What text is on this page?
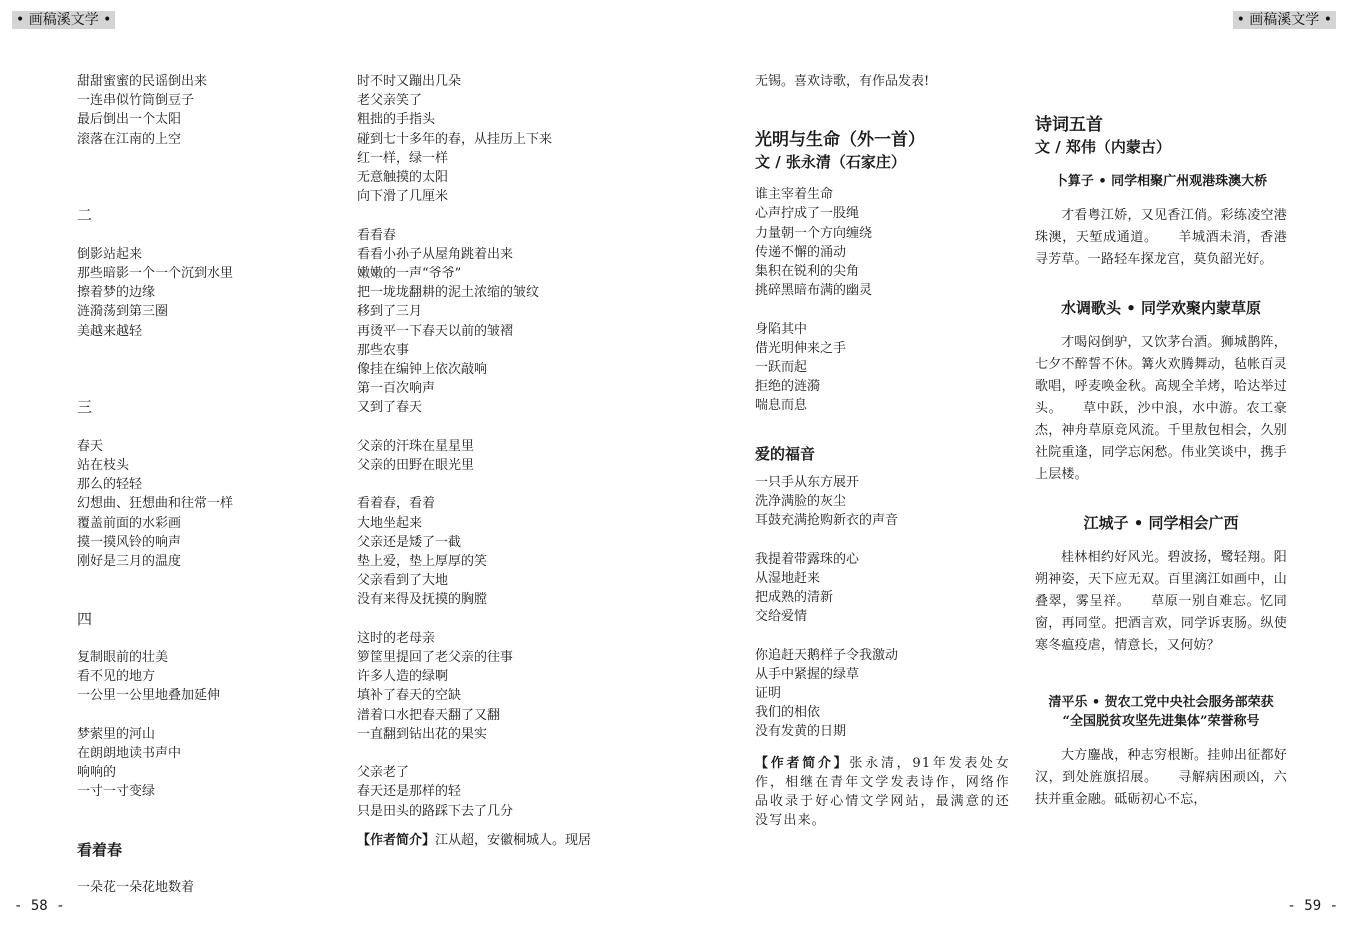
• 画稿溪文学 •	• 画稿溪文学 •
甜甜蜜蜜的民谣倒出来
一连串似竹筒倒豆子
最后倒出一个太阳
滚落在江南的上空
二
倒影站起来
那些暗影一个一个沉到水里
擦着梦的边缘
涟漪荡到第三圈
美越来越轻
三
春天
站在枝头
那么的轻轻
幻想曲、狂想曲和往常一样
覆盖前面的水彩画
摸一摸风铃的响声
刚好是三月的温度
四
复制眼前的壮美
看不见的地方
一公里一公里地叠加延伸
梦萦里的河山
在朗朗地读书声中
响响的
一寸一寸变绿
看着春
一朵花一朵花地数着
时不时又蹦出几朵
老父亲笑了
粗拙的手指头
碰到七十多年的春，从挂历上下来
红一样，绿一样
无意触摸的太阳
向下滑了几厘米
看看春
看看小孙子从屋角跳着出来
嫩嫩的一声“爷爷”
把一垅垅翻耕的泥土浓缩的皱纹
移到了三月
再烫平一下春天以前的皱褶
那些农事
像挂在编钟上依次敲响
第一百次响声
又到了春天
父亲的汗珠在星星里
父亲的田野在眼光里
看着春，看着
大地坐起来
父亲还是矮了一截
垫上爱，垫上厚厚的笑
父亲看到了大地
没有来得及抚摸的胸膛
这时的老母亲
箩筐里提回了老父亲的往事
许多人造的绿啊
填补了春天的空缺
潽着口水把春天翻了又翻
一直翻到钻出花的果实
父亲老了
春天还是那样的轻
只是田头的路踩下去了几分
【作者简介】江从超，安徽桐城人。现居
无锡。喜欢诗歌，有作品发表!
光明与生命（外一首）
文 / 张永清（石家庄）
谁主宰着生命
心声拧成了一股绳
力量朝一个方向缠绕
传递不懈的涌动
集积在锐利的尖角
挑碎黑暗布满的幽灵
身陷其中
借光明伸来之手
一跃而起
拒绝的涟漪
喘息而息
爱的福音
一只手从东方展开
洗净满脸的灰尘
耳鼓充满抢购新衣的声音
我提着带露珠的心
从湿地赶来
把成熟的清新
交给爱情
你追赶天鹅样子令我激动
从手中紧握的绿草
证明
我们的相依
没有发黄的日期
【作者简介】张永清，91年发表处女作，相继在青年文学发表诗作，网络作品收录于好心情文学网站，最满意的还没写出来。
诗词五首
文 / 郑伟（内蒙古）
卜算子 • 同学相聚广州观港珠澳大桥
才看粤江娇，又见香江俏。彩练凌空港珠澳，天堑成通道。　　羊城酒未消，香港寻芳草。一路轻车探龙宫，莫负韶光好。
水调歌头 • 同学欢聚内蒙草原
才喝闷倒驴，又饮茅台酒。狮城鹊阵，七夕不醉誓不休。篝火欢腾舞动，毡帐百灵歌唱，呼麦唤金秋。高规全羊烤，哈达举过头。　　草中跃，沙中浪，水中游。农工豪杰，神舟草原竞风流。千里敖包相会，久别社院重逢，同学忘闲愁。伟业笑谈中，携手上层楼。
江城子 • 同学相会广西
桂林相约好风光。碧波扬，鹭轻翔。阳朔神姿，天下应无双。百里漓江如画中，山叠翠，雾呈祥。　　草原一别自难忘。忆同窗，再同堂。把酒言欢，同学诉衷肠。纵使寒冬瘟疫虐，情意长，又何妨？
清平乐 • 贺农工党中央社会服务部荣获
“全国脱贫攻坚先进集体”荣誉称号
大方鏖战，种志穷根断。挂帅出征都好汉，到处旌旗招展。　　寻解病困顽凶，六扶并重金融。砥砺初心不忘，
- 58 -	- 59 -
